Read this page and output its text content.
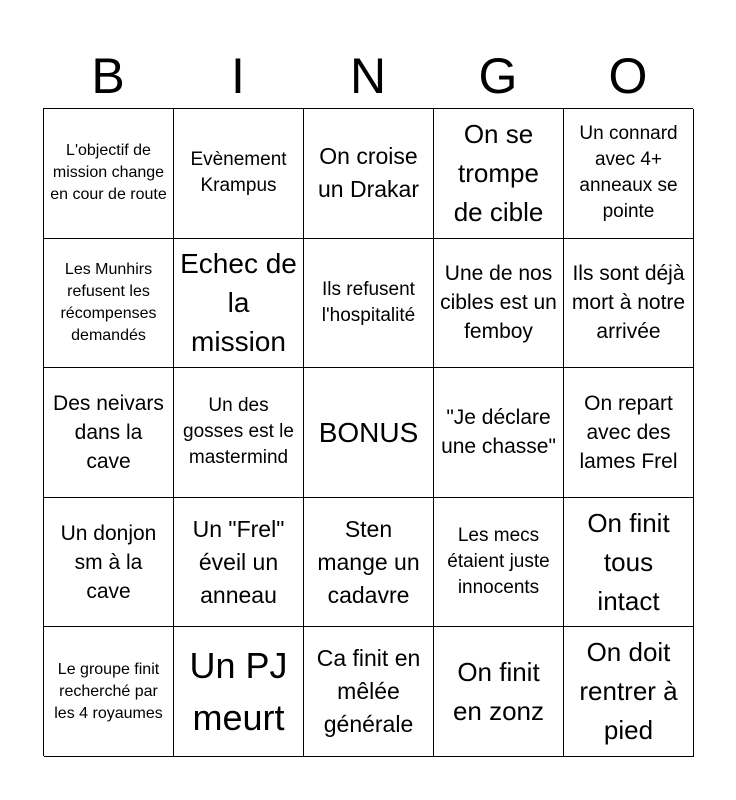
B	I	N	G	O
L'objectif de mission change en cour de route
Evènement Krampus
On croise un Drakar
On se trompe de cible
Un connard avec 4+ anneaux se pointe
Les Munhirs refusent les récompenses demandés
Echec de la mission
Ils refusent l'hospitalité
Une de nos cibles est un femboy
Ils sont déjà mort à notre arrivée
Des neivars dans la cave
Un des gosses est le mastermind
BONUS	"Je déclare une chasse"
On repart avec des lames Frel
Un donjon sm à la cave
Un "Frel" éveil un anneau
Sten mange un cadavre
Les mecs étaient juste innocents
On finit tous intact
Le groupe finit recherché par les 4 royaumes
Un PJ meurt
Ca finit en mêlée générale
On finit en zonz
On doit rentrer à pied
